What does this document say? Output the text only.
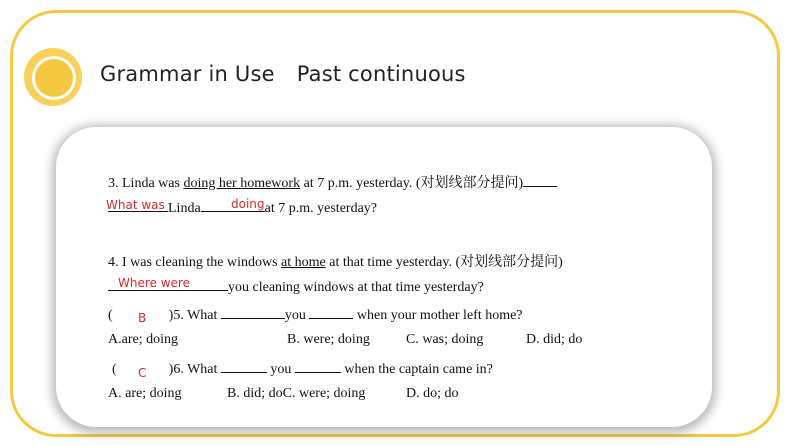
Grammar in Use Past continuous
3. Linda was doing her homework at 7 p.m. yesterday. (对划线部分提问)
Linda	at 7 p.m. yesterday?
What was	doing
4. I was cleaning the windows at home at that time yesterday. (对划线部分提问)
you cleaning windows at that time yesterday?
Where were
(	)5. What	you	when your mother left home?
B
A.are; doing	B. were; doing	C. was; doing	D. did; do
(	)6. What	you	when the captain came in?
C
A. are; doing	B. did; doC. were; doing	D. do; do
